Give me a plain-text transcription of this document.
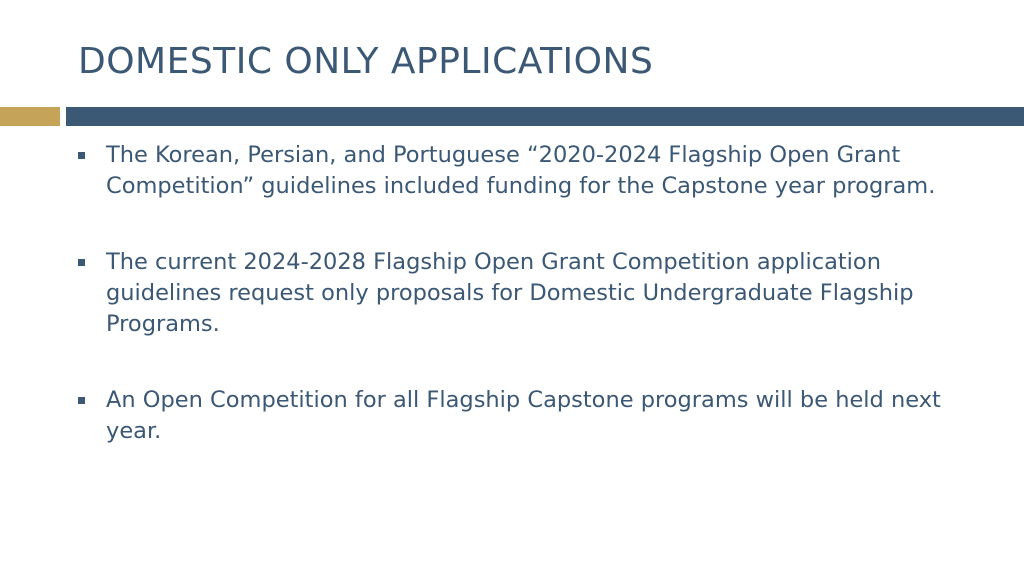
DOMESTIC ONLY APPLICATIONS
The Korean, Persian, and Portuguese “2020-2024 Flagship Open Grant Competition” guidelines included funding for the Capstone year program.
The current 2024-2028 Flagship Open Grant Competition application guidelines request only proposals for Domestic Undergraduate Flagship Programs.
An Open Competition for all Flagship Capstone programs will be held next year.
